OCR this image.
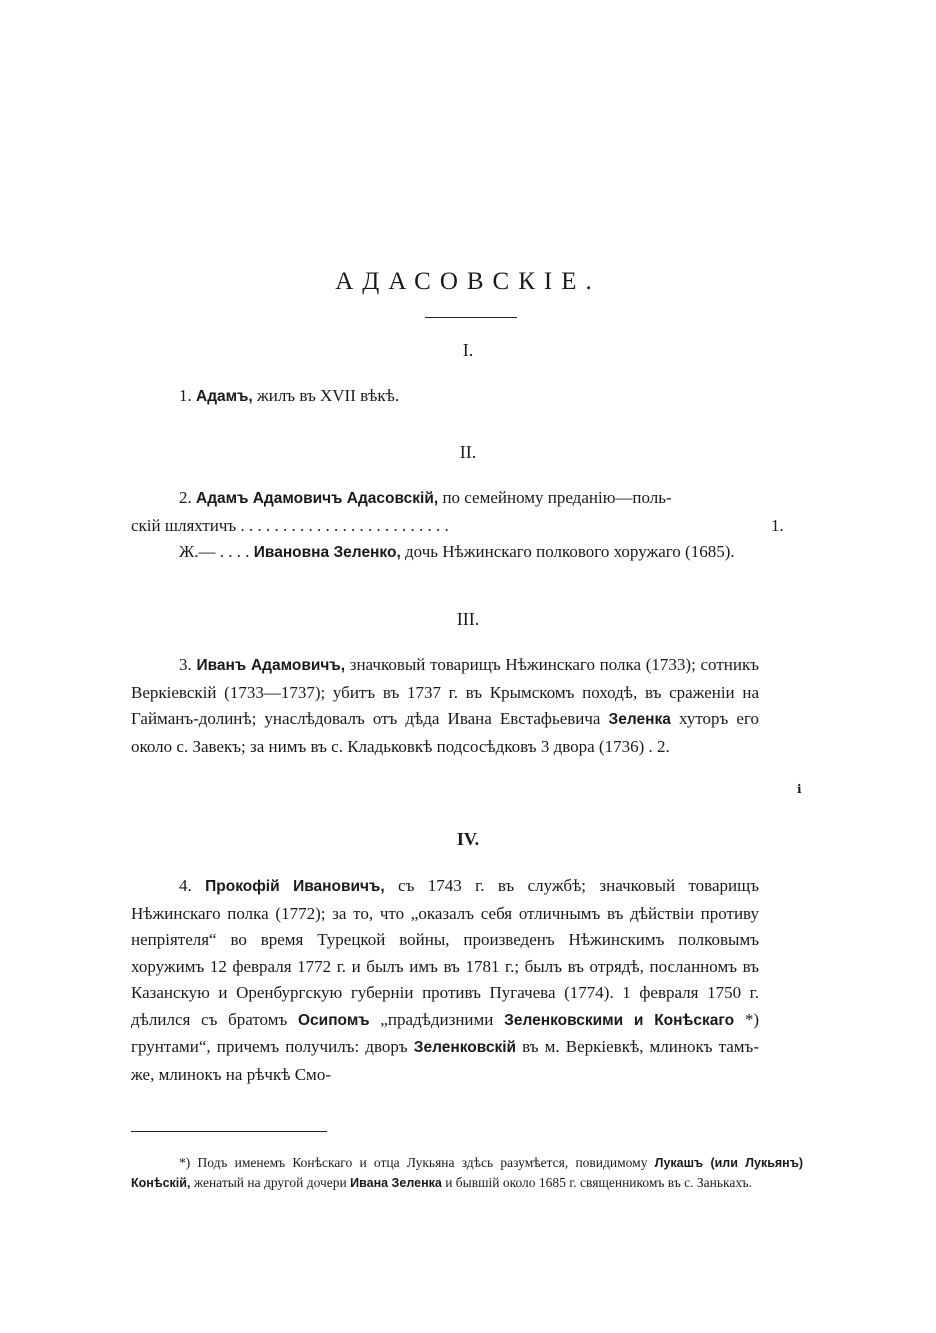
АДАСОВСКIЕ.
I.

1. Адамъ, жилъ въ XVII вѣкѣ.

II.

2. Адамъ Адамовичъ Адасовскiй, по семейному преданiю—поль-

скiй шляхтичъ . . . . . . . . . . . . . . . . . . . . . . . . .	1.

Ж.— . . . . Ивановна Зеленко, дочь Нѣжинскаго полкового хоружаго (1685).

III.

3. Иванъ Адамовичъ, значковый товарищъ Нѣжинскаго полка (1733); сотникъ Веркiевскiй (1733—1737); убитъ въ 1737 г. въ Крымскомъ походѣ, въ сраженiи на Гайманъ-долинѣ; унаслѣдовалъ отъ дѣда Ивана Евстафьевича Зеленка хуторъ его около с. Завекъ; за нимъ въ с. Кладьковкѣ подсосѣдковъ 3 двора (1736) . 2.

ℹ
IV.

4. Прокофiй Ивановичъ, съ 1743 г. въ службѣ; значковый товарищъ Нѣжинскаго полка (1772); за то, что „оказалъ себя отличнымъ въ дѣйствiи противу непрiятеля“ во время Турецкой войны, произведенъ Нѣжинскимъ полковымъ хоружимъ 12 февраля 1772 г. и былъ имъ въ 1781 г.; былъ въ отрядѣ, посланномъ въ Казанскую и Оренбургскую губернiи противъ Пугачева (1774). 1 февраля 1750 г. дѣлился съ братомъ Осипомъ „прадѣдизними Зеленковскими и Конѣскаго *) грунтами“, причемъ получилъ: дворъ Зеленковскiй въ м. Веркiевкѣ, млинокъ тамъ-же, млинокъ на рѣчкѣ Смо-

*) Подъ именемъ Конѣскаго и отца Лукьяна здѣсь разумѣется, повидимому Лукашъ (или Лукьянъ) Конѣскiй, женатый на другой дочери Ивана Зеленка и бывшiй около 1685 г. священникомъ въ с. Занькахъ.
